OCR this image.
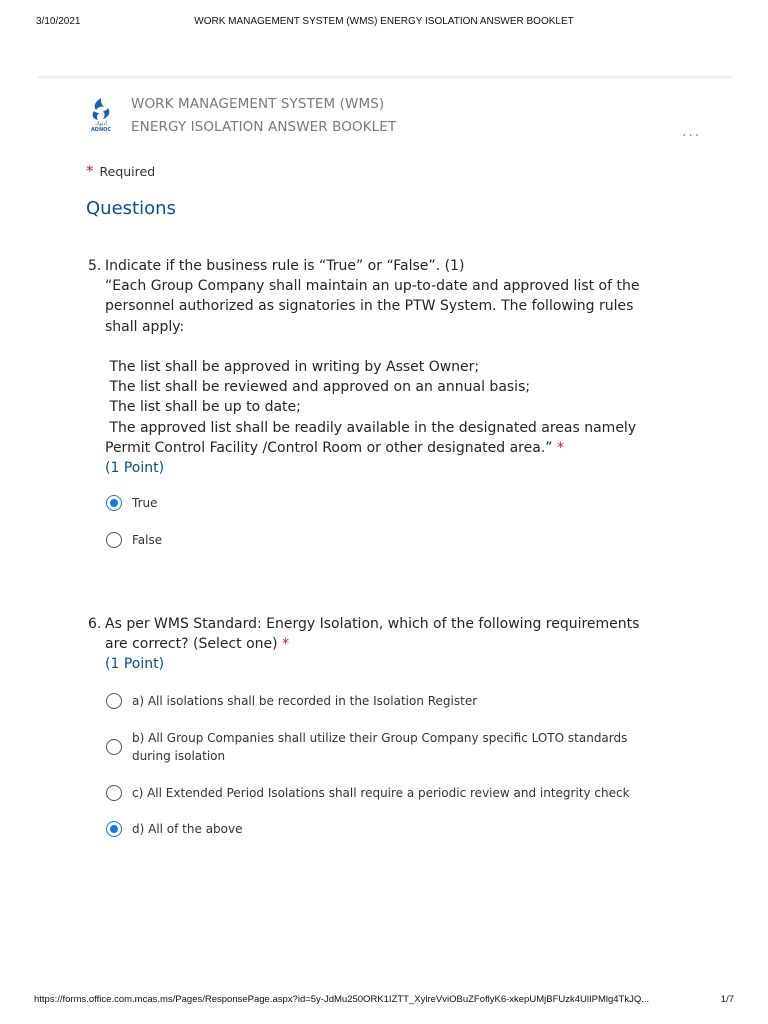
3/10/2021	WORK MANAGEMENT SYSTEM (WMS) ENERGY ISOLATION ANSWER BOOKLET
أدنوك
ADNOC
WORK MANAGEMENT SYSTEM (WMS)
ENERGY ISOLATION ANSWER BOOKLET	...
* Required
Questions
5. Indicate if the business rule is “True” or “False”. (1)
“Each Group Company shall maintain an up-to-date and approved list of the
personnel authorized as signatories in the PTW System. The following rules
shall apply:

The list shall be approved in writing by Asset Owner;
The list shall be reviewed and approved on an annual basis;
The list shall be up to date;
The approved list shall be readily available in the designated areas namely
Permit Control Facility /Control Room or other designated area.” *
(1 Point)
True
False
6. As per WMS Standard: Energy Isolation, which of the following requirements
are correct? (Select one) *
(1 Point)
a) All isolations shall be recorded in the Isolation Register
b) All Group Companies shall utilize their Group Company specific LOTO standards
during isolation
c) All Extended Period Isolations shall require a periodic review and integrity check
d) All of the above
https://forms.office.com.mcas.ms/Pages/ResponsePage.aspx?id=5y-JdMu250ORK1IZTT_XylreVviOBuZFoflyK6-xkepUMjBFUzk4UlIPMlg4TkJQ...	1/7
